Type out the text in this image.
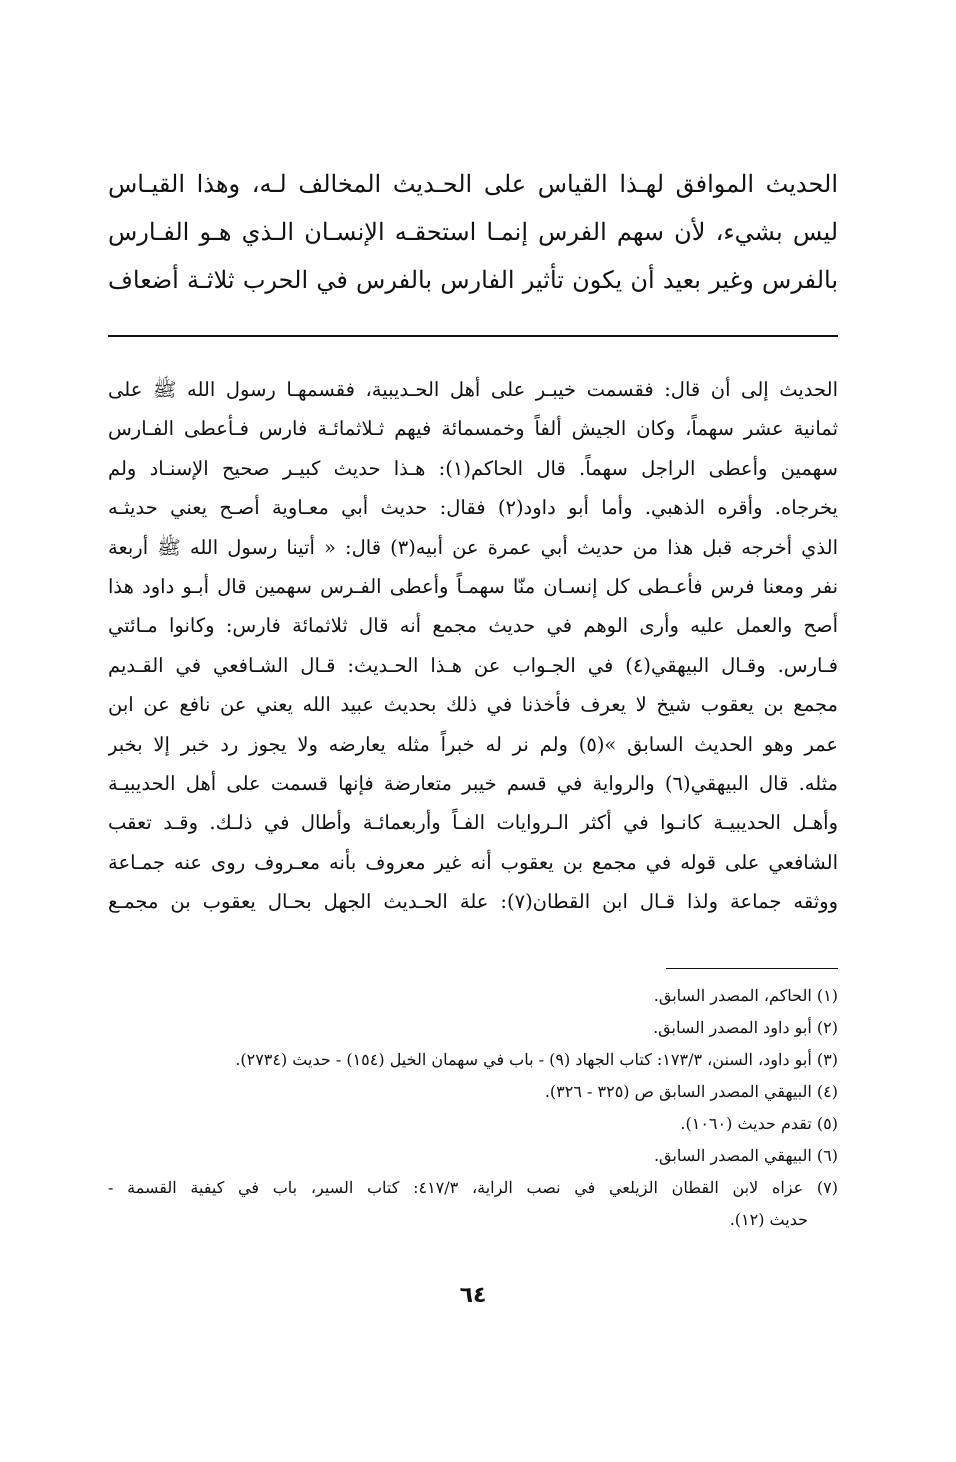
الحديث الموافق لهـذا القياس على الحـديث المخالف لـه، وهذا القيـاس
ليس بشيء، لأن سهم الفرس إنمـا استحقـه الإنسـان الـذي هـو الفـارس
بالفرس وغير بعيد أن يكون تأثير الفارس بالفرس في الحرب ثلاثـة أضعاف
الحديث إلى أن قال: فقسمت خيبـر على أهل الحـديبية، فقسمهـا رسول الله ﷺ على
ثمانية عشر سهماً، وكان الجيش ألفاً وخمسمائة فيهم ثـلاثمائـة فارس فـأعطى الفـارس
سهمين وأعطى الراجل سهماً. قال الحاكم(١): هـذا حديث كبيـر صحيح الإسنـاد ولم
يخرجاه. وأقره الذهبي. وأما أبو داود(٢) فقال: حديث أبي معـاوية أصـح يعني حديثـه
الذي أخرجه قبل هذا من حديث أبي عمرة عن أبيه(٣) قال: « أتينا رسول الله ﷺ أربعة
نفر ومعنا فرس فأعـطى كل إنسـان منّا سهمـاً وأعطى الفـرس سهمين قال أبـو داود هذا
أصح والعمل عليه وأرى الوهم في حديث مجمع أنه قال ثلاثمائة فارس: وكانوا مـائتي
فـارس. وقـال البيهقي(٤) في الجـواب عن هـذا الحـديث: قـال الشـافعي في القـديم
مجمع بن يعقوب شيخ لا يعرف فأخذنا في ذلك بحديث عبيد الله يعني عن نافع عن ابن
عمر وهو الحديث السابق »(٥) ولم نر له خبراً مثله يعارضه ولا يجوز رد خبر إلا بخبر
مثله. قال البيهقي(٦) والرواية في قسم خيبر متعارضة فإنها قسمت على أهل الحديبيـة
وأهـل الحديبيـة كانـوا في أكثر الـروايات الفـاً وأربعمائـة وأطال في ذلـك. وقـد تعقب
الشافعي على قوله في مجمع بن يعقوب أنه غير معروف بأنه معـروف روى عنه جمـاعة
ووثقه جماعة ولذا قـال ابن القطان(٧): علة الحـديث الجهل بحـال يعقوب بن مجمـع
(١) الحاكم، المصدر السابق.
(٢) أبو داود المصدر السابق.
(٣) أبو داود، السنن، ١٧٣/٣: كتاب الجهاد (٩) - باب في سهمان الخيل (١٥٤) - حديث (٢٧٣٤).
(٤) البيهقي المصدر السابق ص (٣٢٥ - ٣٢٦).
(٥) تقدم حديث (١٠٦٠).
(٦) البيهقي المصدر السابق.
(٧) عزاه لابن القطان الزيلعي في نصب الراية، ٤١٧/٣: كتاب السير، باب في كيفية القسمة -
حديث (١٢).
٦٤
